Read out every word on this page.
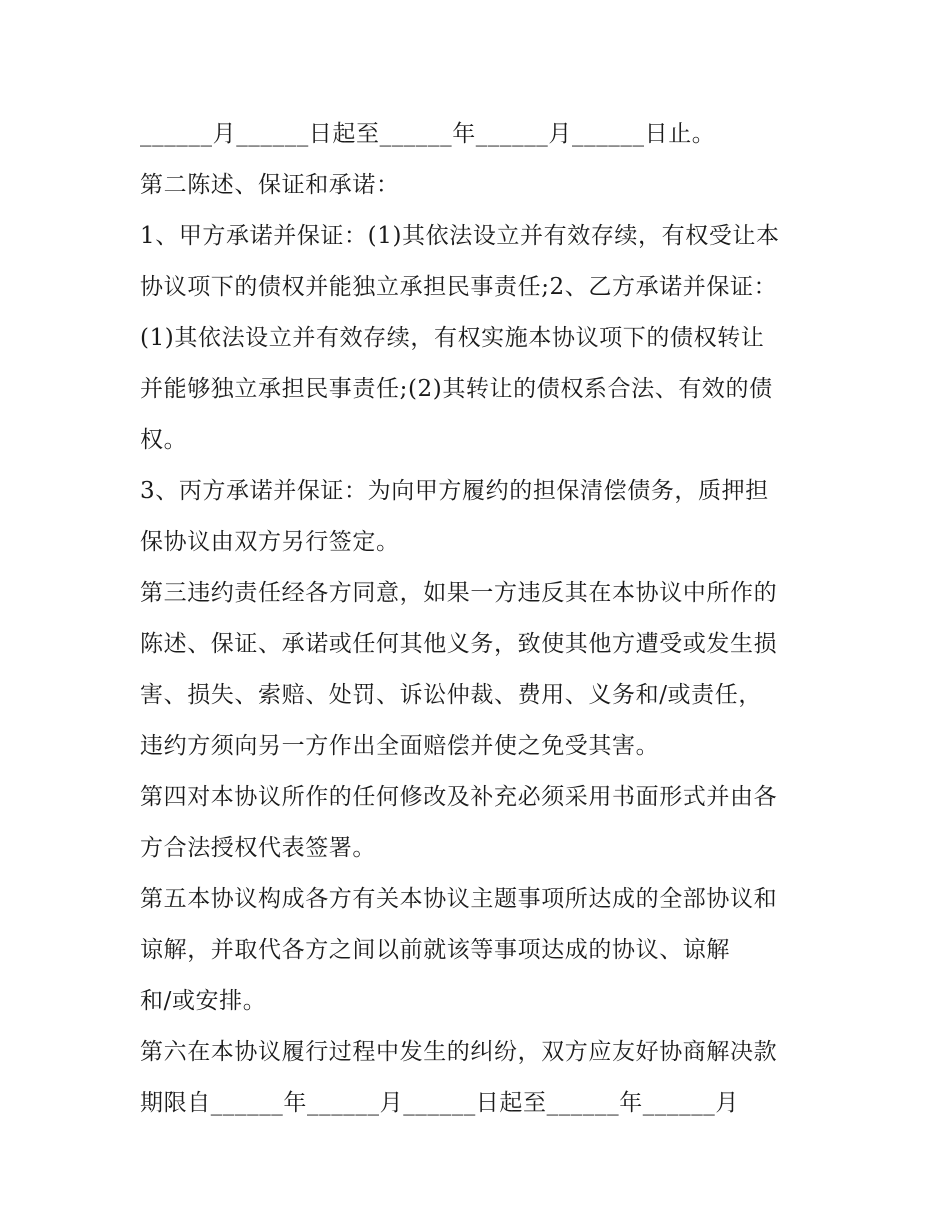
______月______日起至______年______月______日止。
第二陈述、保证和承诺：
1、甲方承诺并保证：(1)其依法设立并有效存续，有权受让本
协议项下的债权并能独立承担民事责任;2、乙方承诺并保证：
(1)其依法设立并有效存续，有权实施本协议项下的债权转让
并能够独立承担民事责任;(2)其转让的债权系合法、有效的债
权。
3、丙方承诺并保证：为向甲方履约的担保清偿债务，质押担
保协议由双方另行签定。
第三违约责任经各方同意，如果一方违反其在本协议中所作的
陈述、保证、承诺或任何其他义务，致使其他方遭受或发生损
害、损失、索赔、处罚、诉讼仲裁、费用、义务和/或责任，
违约方须向另一方作出全面赔偿并使之免受其害。
第四对本协议所作的任何修改及补充必须采用书面形式并由各
方合法授权代表签署。
第五本协议构成各方有关本协议主题事项所达成的全部协议和
谅解，并取代各方之间以前就该等事项达成的协议、谅解
和/或安排。
第六在本协议履行过程中发生的纠纷，双方应友好协商解决款
期限自______年______月______日起至______年______月
